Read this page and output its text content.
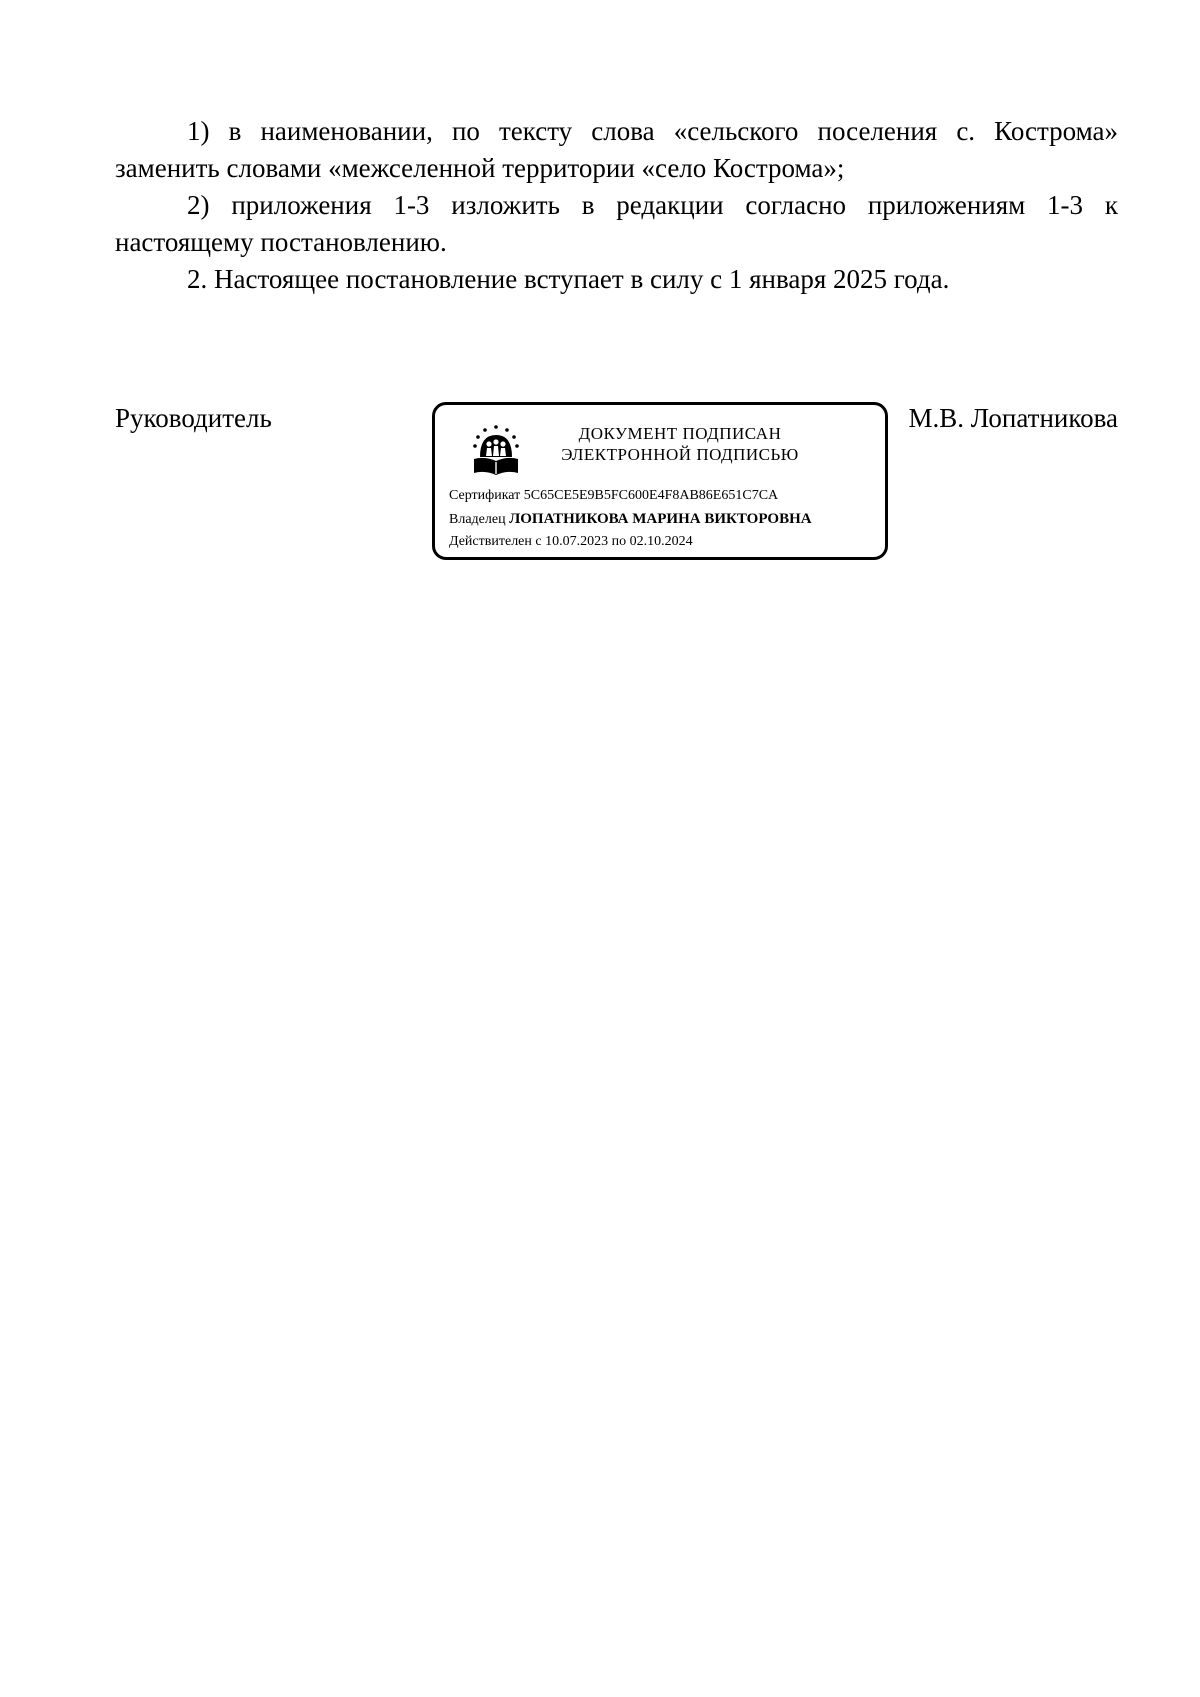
1) в наименовании, по тексту слова «сельского поселения с. Кострома» заменить словами «межселенной территории «село Кострома»;

2) приложения 1-3 изложить в редакции согласно приложениям 1-3 к настоящему постановлению.

2. Настоящее постановление вступает в силу с 1 января 2025 года.

Руководитель	М.В. Лопатникова
ДОКУМЕНТ ПОДПИСАН
ЭЛЕКТРОННОЙ ПОДПИСЬЮ
Сертификат 5C65CE5E9B5FC600E4F8AB86E651C7CA
Владелец ЛОПАТНИКОВА МАРИНА ВИКТОРОВНА
Действителен с 10.07.2023 по 02.10.2024
